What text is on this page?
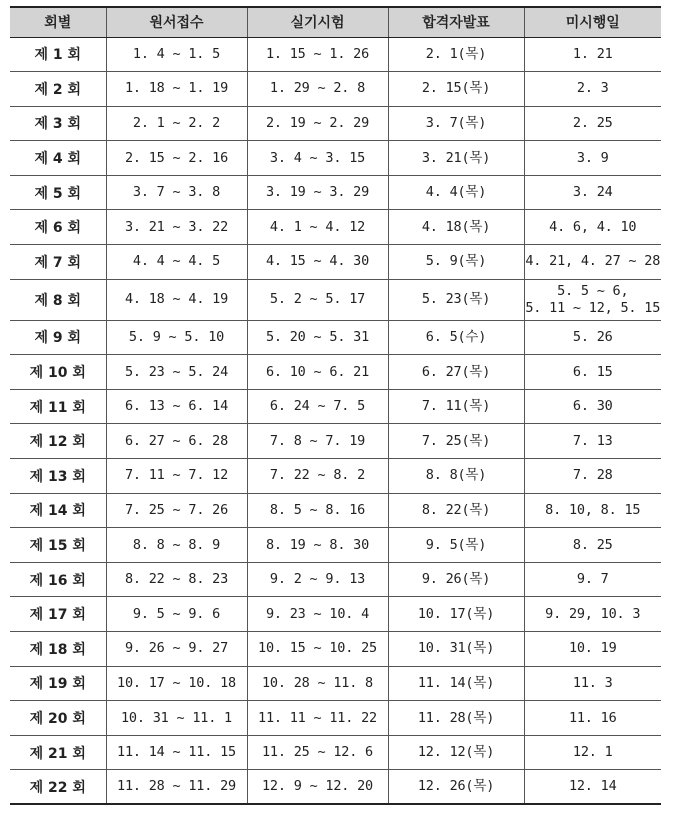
회별	원서접수	실기시험	합격자발표	미시행일
제 1 회	1. 4 ~ 1. 5	1. 15 ~ 1. 26	2. 1(목)	1. 21
제 2 회	1. 18 ~ 1. 19	1. 29 ~ 2. 8	2. 15(목)	2. 3
제 3 회	2. 1 ~ 2. 2	2. 19 ~ 2. 29	3. 7(목)	2. 25
제 4 회	2. 15 ~ 2. 16	3. 4 ~ 3. 15	3. 21(목)	3. 9
제 5 회	3. 7 ~ 3. 8	3. 19 ~ 3. 29	4. 4(목)	3. 24
제 6 회	3. 21 ~ 3. 22	4. 1 ~ 4. 12	4. 18(목)	4. 6, 4. 10
제 7 회	4. 4 ~ 4. 5	4. 15 ~ 4. 30	5. 9(목)	4. 21, 4. 27 ~ 28
제 8 회	4. 18 ~ 4. 19	5. 2 ~ 5. 17	5. 23(목)	5. 5 ~ 6,
5. 11 ~ 12, 5. 15
제 9 회	5. 9 ~ 5. 10	5. 20 ~ 5. 31	6. 5(수)	5. 26
제 10 회	5. 23 ~ 5. 24	6. 10 ~ 6. 21	6. 27(목)	6. 15
제 11 회	6. 13 ~ 6. 14	6. 24 ~ 7. 5	7. 11(목)	6. 30
제 12 회	6. 27 ~ 6. 28	7. 8 ~ 7. 19	7. 25(목)	7. 13
제 13 회	7. 11 ~ 7. 12	7. 22 ~ 8. 2	8. 8(목)	7. 28
제 14 회	7. 25 ~ 7. 26	8. 5 ~ 8. 16	8. 22(목)	8. 10, 8. 15
제 15 회	8. 8 ~ 8. 9	8. 19 ~ 8. 30	9. 5(목)	8. 25
제 16 회	8. 22 ~ 8. 23	9. 2 ~ 9. 13	9. 26(목)	9. 7
제 17 회	9. 5 ~ 9. 6	9. 23 ~ 10. 4	10. 17(목)	9. 29, 10. 3
제 18 회	9. 26 ~ 9. 27	10. 15 ~ 10. 25	10. 31(목)	10. 19
제 19 회	10. 17 ~ 10. 18	10. 28 ~ 11. 8	11. 14(목)	11. 3
제 20 회	10. 31 ~ 11. 1	11. 11 ~ 11. 22	11. 28(목)	11. 16
제 21 회	11. 14 ~ 11. 15	11. 25 ~ 12. 6	12. 12(목)	12. 1
제 22 회	11. 28 ~ 11. 29	12. 9 ~ 12. 20	12. 26(목)	12. 14
